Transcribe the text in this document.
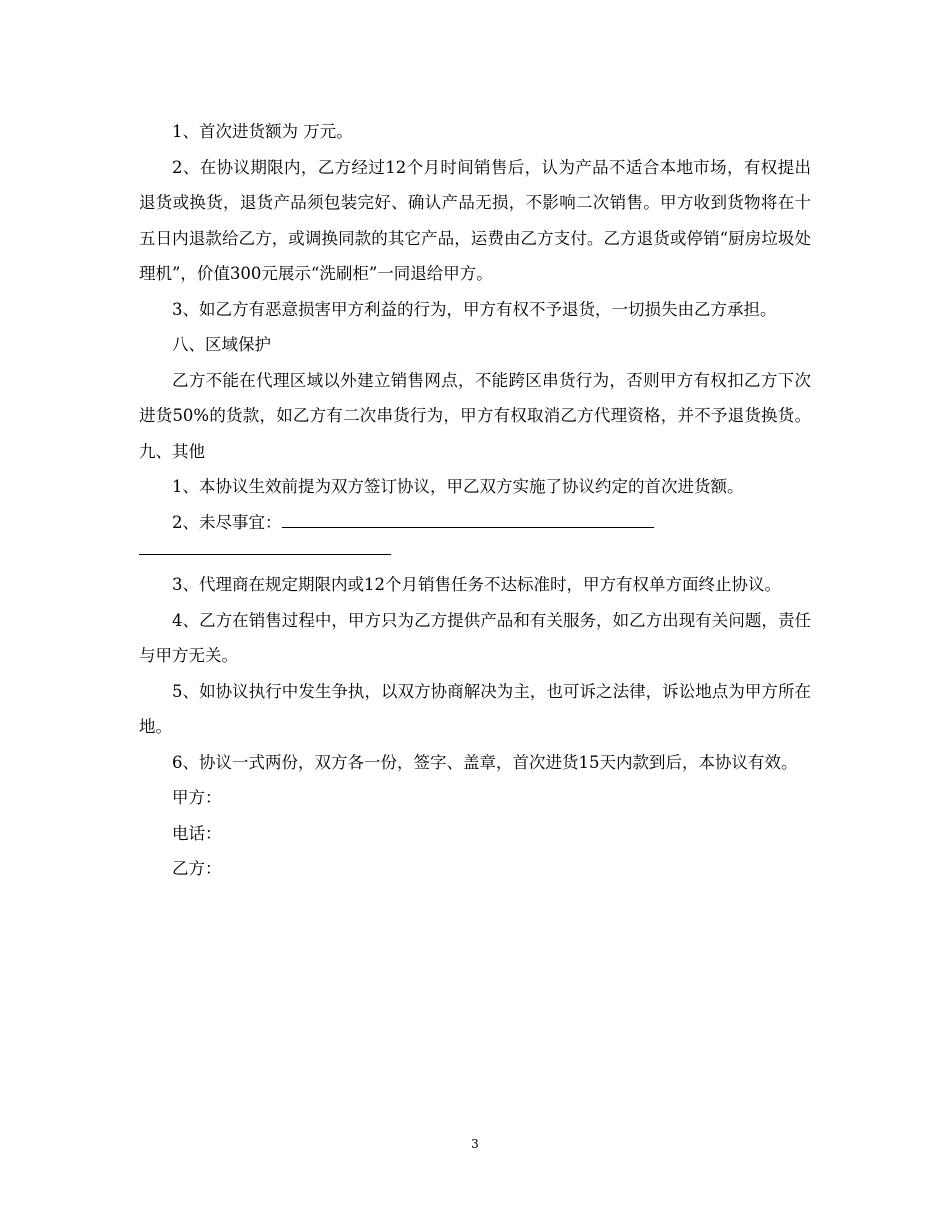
1、首次进货额为 万元。

2、在协议期限内，乙方经过12个月时间销售后，认为产品不适合本地市场，有权提出退货或换货，退货产品须包装完好、确认产品无损，不影响二次销售。甲方收到货物将在十五日内退款给乙方，或调换同款的其它产品，运费由乙方支付。乙方退货或停销“厨房垃圾处理机”，价值300元展示“洗刷柜”一同退给甲方。

3、如乙方有恶意损害甲方利益的行为，甲方有权不予退货，一切损失由乙方承担。

八、区域保护

乙方不能在代理区域以外建立销售网点，不能跨区串货行为，否则甲方有权扣乙方下次进货50%的货款，如乙方有二次串货行为，甲方有权取消乙方代理资格，并不予退货换货。 九、其他

1、本协议生效前提为双方签订协议，甲乙双方实施了协议约定的首次进货额。

2、未尽事宜：

3、代理商在规定期限内或12个月销售任务不达标准时，甲方有权单方面终止协议。

4、乙方在销售过程中，甲方只为乙方提供产品和有关服务，如乙方出现有关问题，责任与甲方无关。

5、如协议执行中发生争执，以双方协商解决为主，也可诉之法律，诉讼地点为甲方所在地。

6、协议一式两份，双方各一份，签字、盖章，首次进货15天内款到后，本协议有效。

甲方：

电话：

乙方：

3
